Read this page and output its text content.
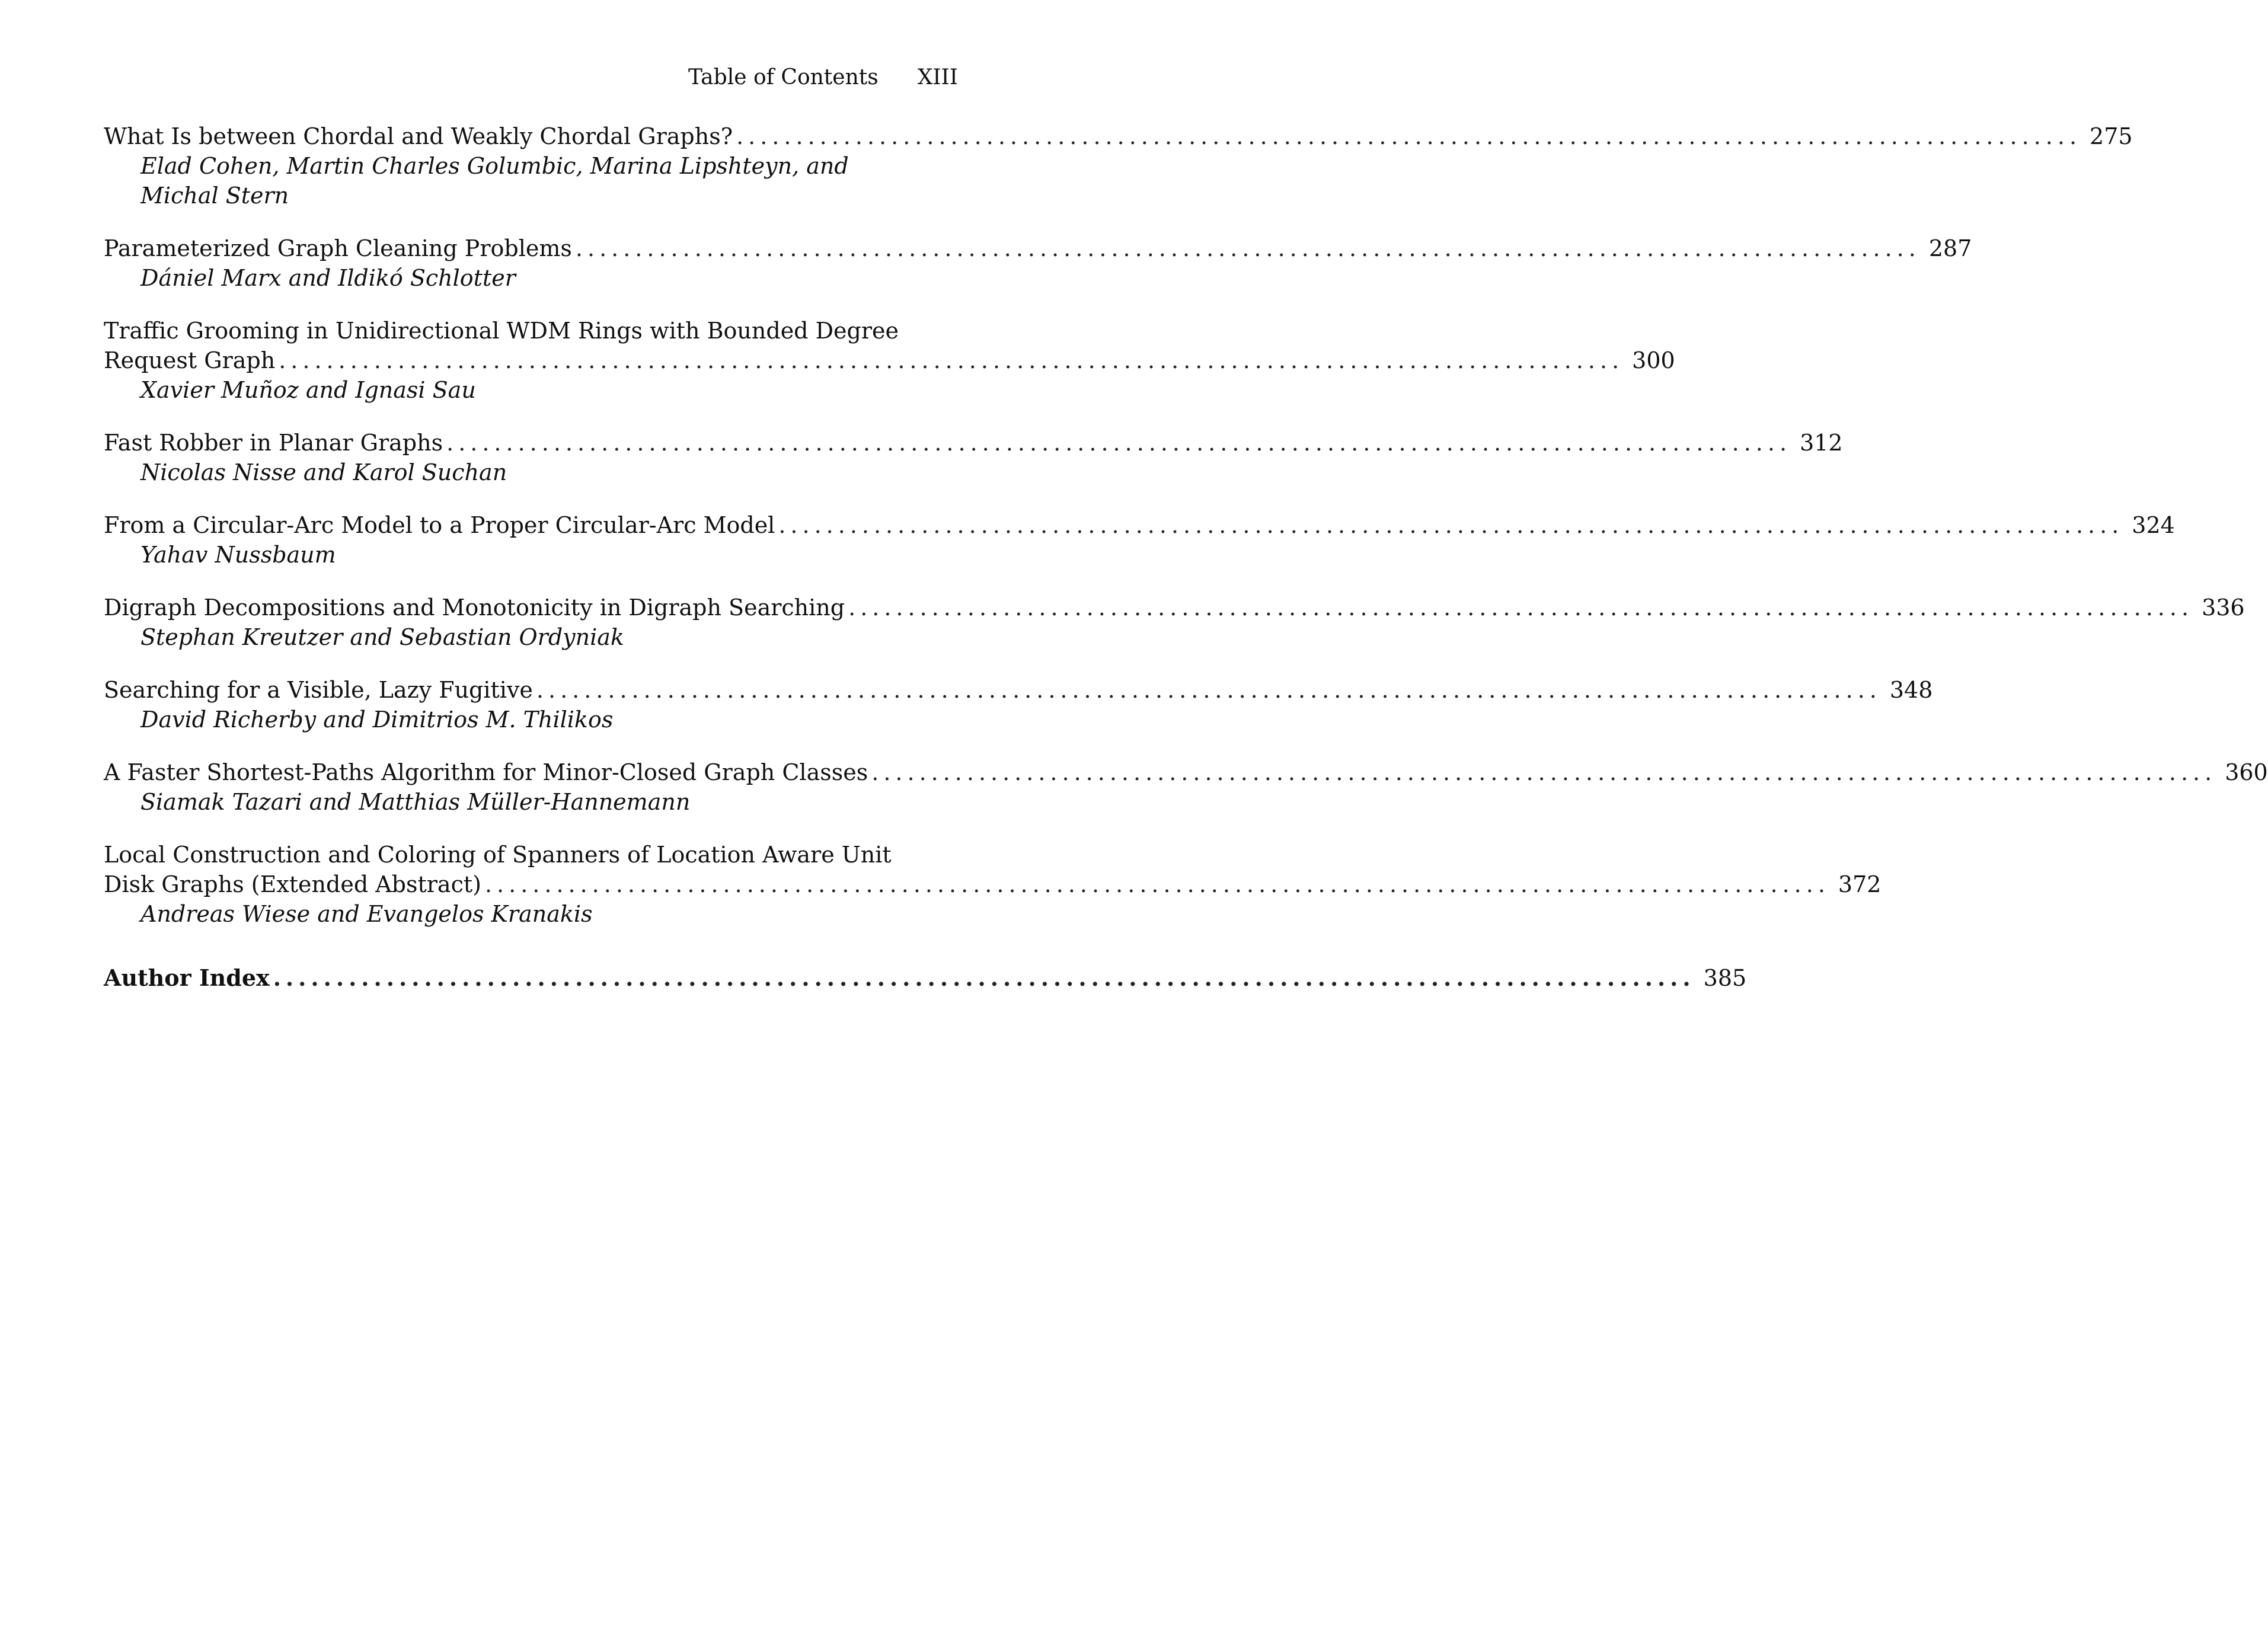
Table of Contents XIII
What Is between Chordal and Weakly Chordal Graphs? ................................................................................................................. 275
Elad Cohen, Martin Charles Golumbic, Marina Lipshteyn, and Michal Stern
Parameterized Graph Cleaning Problems ................................................................................................................. 287
Dániel Marx and Ildikó Schlotter
Traffic Grooming in Unidirectional WDM Rings with Bounded Degree
Request Graph ................................................................................................................. 300
Xavier Muñoz and Ignasi Sau
Fast Robber in Planar Graphs ................................................................................................................. 312
Nicolas Nisse and Karol Suchan
From a Circular-Arc Model to a Proper Circular-Arc Model ................................................................................................................. 324
Yahav Nussbaum
Digraph Decompositions and Monotonicity in Digraph Searching ................................................................................................................. 336
Stephan Kreutzer and Sebastian Ordyniak
Searching for a Visible, Lazy Fugitive ................................................................................................................. 348
David Richerby and Dimitrios M. Thilikos
A Faster Shortest-Paths Algorithm for Minor-Closed Graph Classes ................................................................................................................. 360
Siamak Tazari and Matthias Müller-Hannemann
Local Construction and Coloring of Spanners of Location Aware Unit
Disk Graphs (Extended Abstract) ................................................................................................................. 372
Andreas Wiese and Evangelos Kranakis
Author Index ................................................................................................................. 385
